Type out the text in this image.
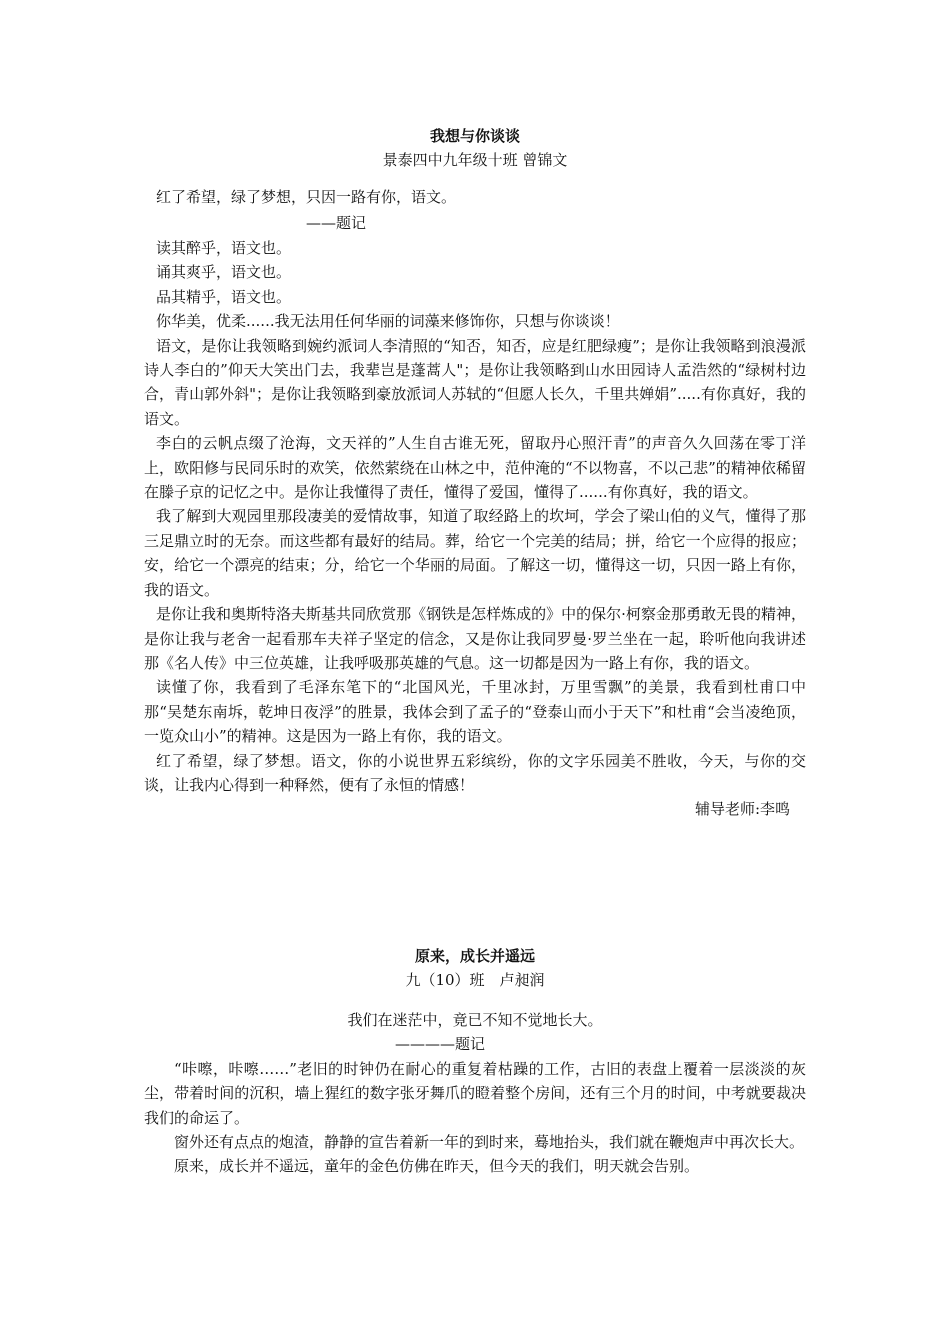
我想与你谈谈

景泰四中九年级十班 曾锦文

红了希望，绿了梦想，只因一路有你，语文。

——题记

读其醉乎，语文也。

诵其爽乎，语文也。

品其精乎，语文也。

你华美，优柔......我无法用任何华丽的词藻来修饰你，只想与你谈谈！

语文，是你让我领略到婉约派词人李清照的“知否，知否，应是红肥绿瘦”；是你让我领略到浪漫派诗人李白的”仰天大笑出门去，我辈岂是蓬蒿人"；是你让我领略到山水田园诗人孟浩然的“绿树村边合，青山郭外斜"；是你让我领略到豪放派词人苏轼的“但愿人长久，千里共婵娟”.....有你真好，我的语文。

李白的云帆点缀了沧海，文天祥的”人生自古谁无死，留取丹心照汗青”的声音久久回荡在零丁洋上，欧阳修与民同乐时的欢笑，依然萦绕在山林之中，范仲淹的“不以物喜，不以己悲”的精神依稀留在滕子京的记忆之中。是你让我懂得了责任，懂得了爱国，懂得了......有你真好，我的语文。

我了解到大观园里那段凄美的爱情故事，知道了取经路上的坎坷，学会了梁山伯的义气，懂得了那三足鼎立时的无奈。而这些都有最好的结局。葬，给它一个完美的结局；拼，给它一个应得的报应；安，给它一个漂亮的结束；分，给它一个华丽的局面。了解这一切，懂得这一切，只因一路上有你，我的语文。

是你让我和奥斯特洛夫斯基共同欣赏那《钢铁是怎样炼成的》中的保尔·柯察金那勇敢无畏的精神，是你让我与老舍一起看那车夫祥子坚定的信念，又是你让我同罗曼·罗兰坐在一起，聆听他向我讲述那《名人传》中三位英雄，让我呼吸那英雄的气息。这一切都是因为一路上有你，我的语文。

读懂了你，我看到了毛泽东笔下的“北国风光，千里冰封，万里雪飘”的美景，我看到杜甫口中那“吴楚东南坼，乾坤日夜浮”的胜景，我体会到了孟子的“登泰山而小于天下”和杜甫“会当凌绝顶，一览众山小”的精神。这是因为一路上有你，我的语文。

红了希望，绿了梦想。语文，你的小说世界五彩缤纷，你的文字乐园美不胜收，今天，与你的交谈，让我内心得到一种释然，便有了永恒的情感！

辅导老师:李鸣

原来，成长并遥远

九（10）班　卢昶润

我们在迷茫中，竟已不知不觉地长大。

————题记

“咔嚓，咔嚓……”老旧的时钟仍在耐心的重复着枯躁的工作，古旧的表盘上覆着一层淡淡的灰尘，带着时间的沉积，墙上猩红的数字张牙舞爪的瞪着整个房间，还有三个月的时间，中考就要裁决我们的命运了。

窗外还有点点的炮渣，静静的宣告着新一年的到时来，蓦地抬头，我们就在鞭炮声中再次长大。

原来，成长并不遥远，童年的金色仿佛在昨天，但今天的我们，明天就会告别。
